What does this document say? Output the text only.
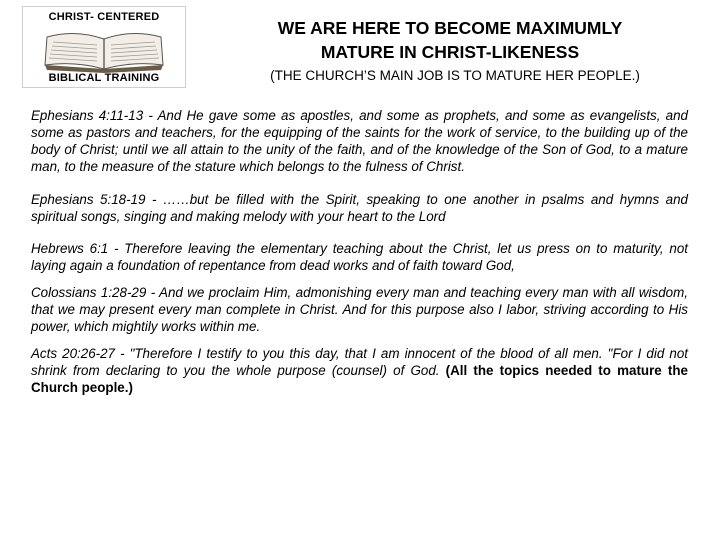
CHRIST- CENTERED
BIBLICAL TRAINING
WE ARE HERE TO BECOME MAXIMUMLY
MATURE IN CHRIST-LIKENESS
(THE CHURCH’S MAIN JOB IS TO MATURE HER PEOPLE.)

Ephesians 4:11-13 - And He gave some as apostles, and some as prophets, and some as evangelists, and some as pastors and teachers, for the equipping of the saints for the work of service, to the building up of the body of Christ; until we all attain to the unity of the faith, and of the knowledge of the Son of God, to a mature man, to the measure of the stature which belongs to the fulness of Christ.

Ephesians 5:18-19 - ……but be filled with the Spirit, speaking to one another in psalms and hymns and spiritual songs, singing and making melody with your heart to the Lord

Hebrews 6:1 - Therefore leaving the elementary teaching about the Christ, let us press on to maturity, not laying again a foundation of repentance from dead works and of faith toward God,

Colossians 1:28-29 - And we proclaim Him, admonishing every man and teaching every man with all wisdom, that we may present every man complete in Christ. And for this purpose also I labor, striving according to His power, which mightily works within me.

Acts 20:26-27 - "Therefore I testify to you this day, that I am innocent of the blood of all men. "For I did not shrink from declaring to you the whole purpose (counsel) of God. (All the topics needed to mature the Church people.)
